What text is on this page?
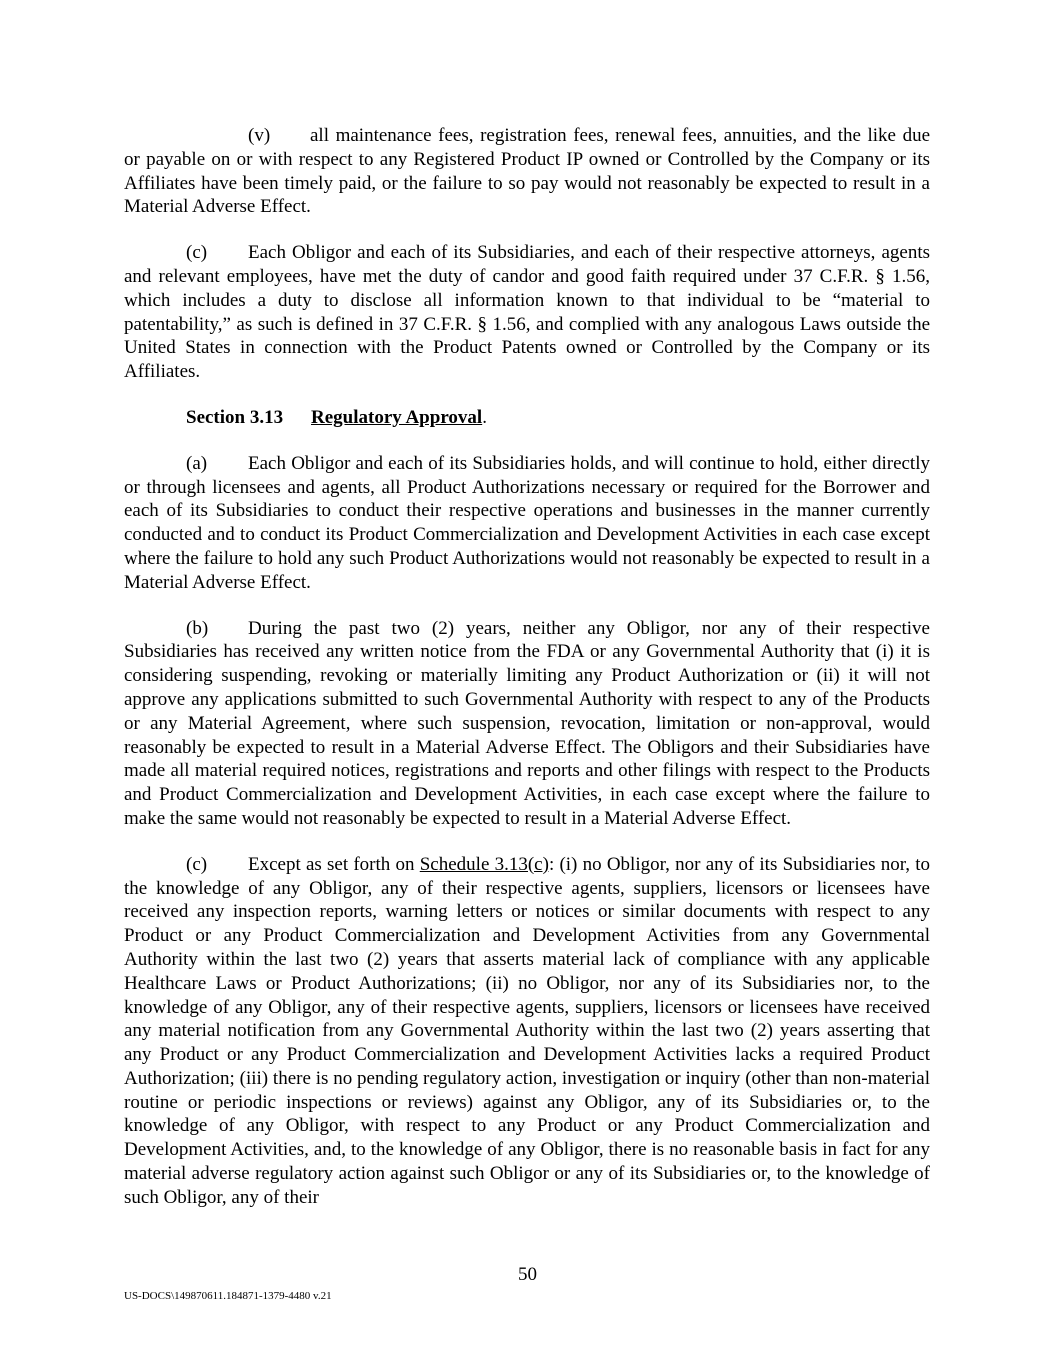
(v) all maintenance fees, registration fees, renewal fees, annuities, and the like due or payable on or with respect to any Registered Product IP owned or Controlled by the Company or its Affiliates have been timely paid, or the failure to so pay would not reasonably be expected to result in a Material Adverse Effect.

(c) Each Obligor and each of its Subsidiaries, and each of their respective attorneys, agents and relevant employees, have met the duty of candor and good faith required under 37 C.F.R. § 1.56, which includes a duty to disclose all information known to that individual to be “material to patentability,” as such is defined in 37 C.F.R. § 1.56, and complied with any analogous Laws outside the United States in connection with the Product Patents owned or Controlled by the Company or its Affiliates.

Section 3.13 Regulatory Approval.

(a) Each Obligor and each of its Subsidiaries holds, and will continue to hold, either directly or through licensees and agents, all Product Authorizations necessary or required for the Borrower and each of its Subsidiaries to conduct their respective operations and businesses in the manner currently conducted and to conduct its Product Commercialization and Development Activities in each case except where the failure to hold any such Product Authorizations would not reasonably be expected to result in a Material Adverse Effect.

(b) During the past two (2) years, neither any Obligor, nor any of their respective Subsidiaries has received any written notice from the FDA or any Governmental Authority that (i) it is considering suspending, revoking or materially limiting any Product Authorization or (ii) it will not approve any applications submitted to such Governmental Authority with respect to any of the Products or any Material Agreement, where such suspension, revocation, limitation or non-approval, would reasonably be expected to result in a Material Adverse Effect. The Obligors and their Subsidiaries have made all material required notices, registrations and reports and other filings with respect to the Products and Product Commercialization and Development Activities, in each case except where the failure to make the same would not reasonably be expected to result in a Material Adverse Effect.

(c) Except as set forth on Schedule 3.13(c): (i) no Obligor, nor any of its Subsidiaries nor, to the knowledge of any Obligor, any of their respective agents, suppliers, licensors or licensees have received any inspection reports, warning letters or notices or similar documents with respect to any Product or any Product Commercialization and Development Activities from any Governmental Authority within the last two (2) years that asserts material lack of compliance with any applicable Healthcare Laws or Product Authorizations; (ii) no Obligor, nor any of its Subsidiaries nor, to the knowledge of any Obligor, any of their respective agents, suppliers, licensors or licensees have received any material notification from any Governmental Authority within the last two (2) years asserting that any Product or any Product Commercialization and Development Activities lacks a required Product Authorization; (iii) there is no pending regulatory action, investigation or inquiry (other than non-material routine or periodic inspections or reviews) against any Obligor, any of its Subsidiaries or, to the knowledge of any Obligor, with respect to any Product or any Product Commercialization and Development Activities, and, to the knowledge of any Obligor, there is no reasonable basis in fact for any material adverse regulatory action against such Obligor or any of its Subsidiaries or, to the knowledge of such Obligor, any of their

50
US-DOCS\149870611.184871-1379-4480 v.21
